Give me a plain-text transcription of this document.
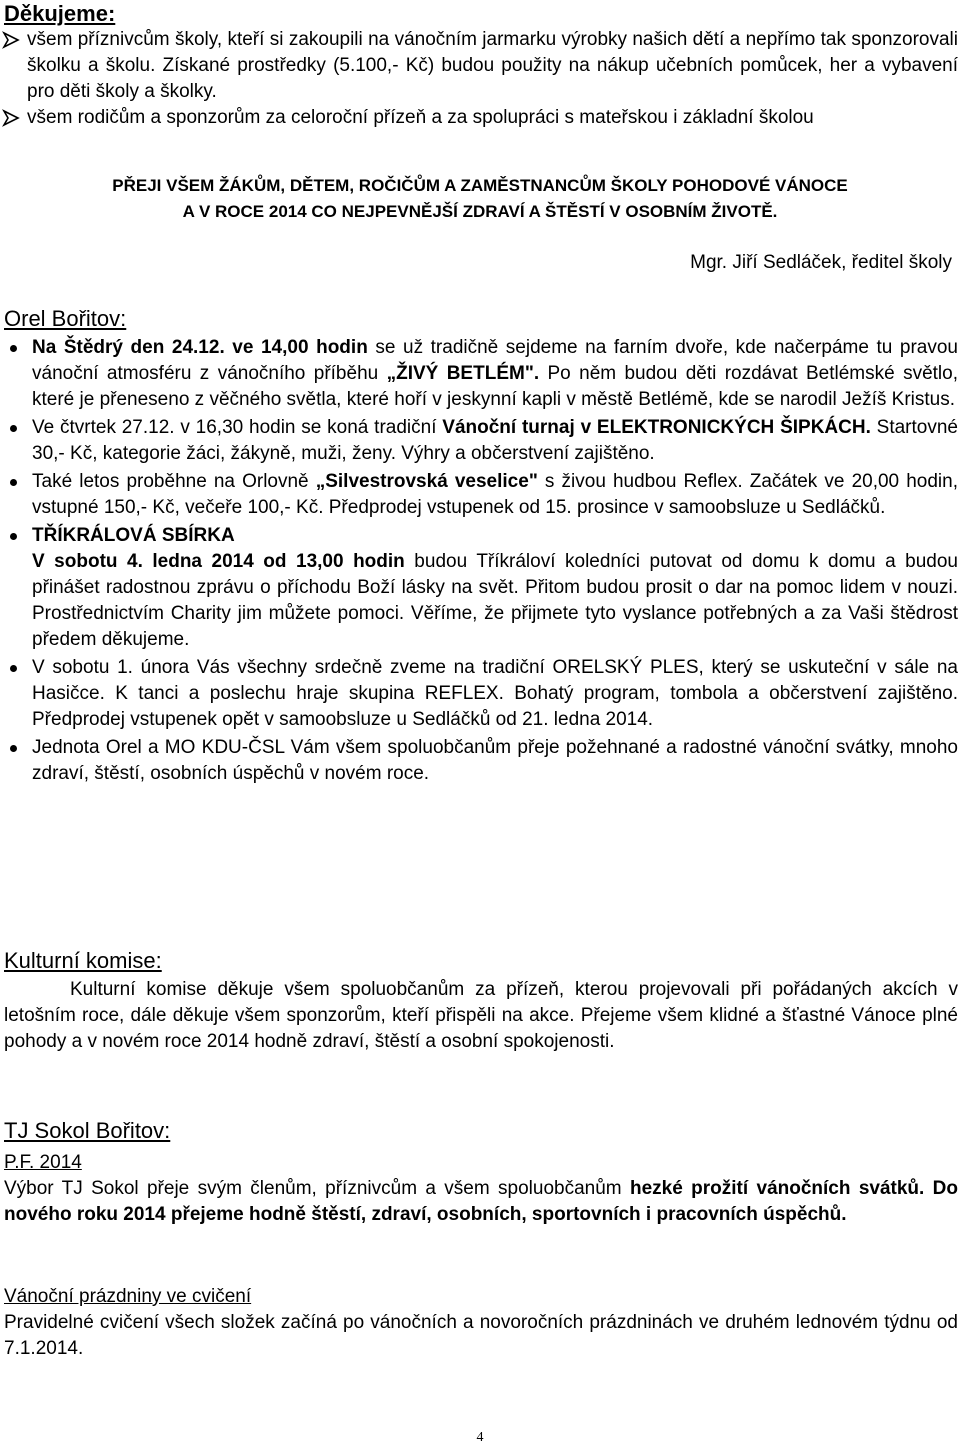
Děkujeme:

všem příznivcům školy, kteří si zakoupili na vánočním jarmarku výrobky našich dětí a nepřímo tak sponzorovali školku a školu. Získané prostředky (5.100,- Kč) budou použity na nákup učebních pomůcek, her a vybavení pro děti školy a školky.

všem rodičům a sponzorům za celoroční přízeň a za spolupráci s mateřskou i základní školou

PŘEJI VŠEM ŽÁKŮM, DĚTEM, ROČIČŮM A ZAMĚSTNANCŮM ŠKOLY POHODOVÉ VÁNOCE

A V ROCE 2014 CO NEJPEVNĚJŠÍ ZDRAVÍ A ŠTĚSTÍ V OSOBNÍM ŽIVOTĚ.

Mgr. Jiří Sedláček, ředitel školy

Orel Bořitov:
Na Štědrý den 24.12. ve 14,00 hodin se už tradičně sejdeme na farním dvoře, kde načerpáme tu pravou vánoční atmosféru z vánočního příběhu „ŽIVÝ BETLÉM". Po něm budou děti rozdávat Betlémské světlo, které je přeneseno z věčného světla, které hoří v jeskynní kapli v městě Betlémě, kde se narodil Ježíš Kristus.
Ve čtvrtek 27.12. v 16,30 hodin se koná tradiční Vánoční turnaj v ELEKTRONICKÝCH ŠIPKÁCH. Startovné 30,- Kč, kategorie žáci, žákyně, muži, ženy. Výhry a občerstvení zajištěno.
Také letos proběhne na Orlovně „Silvestrovská veselice" s živou hudbou Reflex. Začátek ve 20,00 hodin, vstupné 150,- Kč, večeře 100,- Kč. Předprodej vstupenek od 15. prosince v samoobsluze u Sedláčků.
TŘÍKRÁLOVÁ SBÍRKA
V sobotu 4. ledna 2014 od 13,00 hodin budou Tříkráloví koledníci putovat od domu k domu a budou přinášet radostnou zprávu o příchodu Boží lásky na svět. Přitom budou prosit o dar na pomoc lidem v nouzi. Prostřednictvím Charity jim můžete pomoci. Věříme, že přijmete tyto vyslance potřebných a za Vaši štědrost předem děkujeme.
V sobotu 1. února Vás všechny srdečně zveme na tradiční ORELSKÝ PLES, který se uskuteční v sále na Hasičce. K tanci a poslechu hraje skupina REFLEX. Bohatý program, tombola a občerstvení zajištěno. Předprodej vstupenek opět v samoobsluze u Sedláčků od 21. ledna 2014.
Jednota Orel a MO KDU-ČSL Vám všem spoluobčanům přeje požehnané a radostné vánoční svátky, mnoho zdraví, štěstí, osobních úspěchů v novém roce.
Kulturní komise:

Kulturní komise děkuje všem spoluobčanům za přízeň, kterou projevovali při pořádaných akcích v letošním roce, dále děkuje všem sponzorům, kteří přispěli na akce. Přejeme všem klidné a šťastné Vánoce plné pohody a v novém roce 2014 hodně zdraví, štěstí a osobní spokojenosti.

TJ Sokol Bořitov:

P.F. 2014

Výbor TJ Sokol přeje svým členům, příznivcům a všem spoluobčanům hezké prožití vánočních svátků. Do nového roku 2014 přejeme hodně štěstí, zdraví, osobních, sportovních i pracovních úspěchů.

Vánoční prázdniny ve cvičení

Pravidelné cvičení všech složek začíná po vánočních a novoročních prázdninách ve druhém lednovém týdnu od 7.1.2014.

4
